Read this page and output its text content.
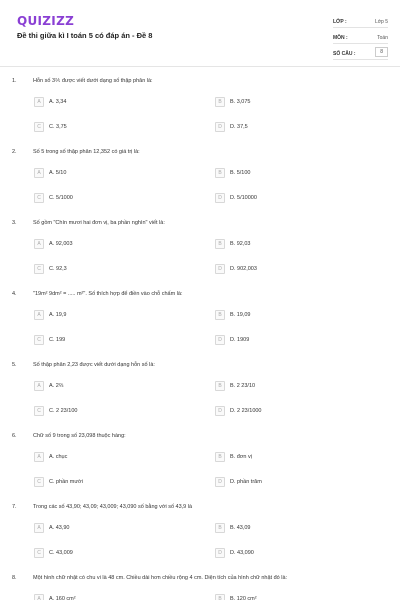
QUIZIZZ
Đề thi giữa kì I toán 5 có đáp án - Đề 8
LỚP :	Lớp 5
MÔN :	Toán
SỐ CÂU :	8
1.	Hỗn số 3⅖ được viết dưới dạng số thập phân là:
A	A. 3,34	B	B. 3,075
C	C. 3,75	D	D. 37,5
2.	Số 5 trong số thập phân 12,352 có giá trị là:
A	A. 5/10	B	B. 5/100
C	C. 5/1000	D	D. 5/10000
3.	Số gồm "Chín mươi hai đơn vị, ba phần nghìn" viết là:
A	A. 92,003	B	B. 92,03
C	C. 92,3	D	D. 902,003
4.	"19m² 9dm² = ..... m²". Số thích hợp để điền vào chỗ chấm là:
A	A. 19,9	B	B. 19,09
C	C. 199	D	D. 1909
5.	Số thập phân 2,23 được viết dưới dạng hỗn số là:
A	A. 2⅔	B	B. 2 23/10
C	C. 2 23/100	D	D. 2 23/1000
6.	Chữ số 9 trong số 23,098 thuộc hàng:
A	A. chục	B	B. đơn vị
C	C. phần mười	D	D. phần trăm
7.	Trong các số 43,90; 43,09; 43,009; 43,090 số bằng với số 43,9 là
A	A. 43,90	B	B. 43,09
C	C. 43,009	D	D. 43,090
8.	Một hình chữ nhật có chu vi là 48 cm. Chiều dài hơn chiều rộng 4 cm. Diện tích của hình chữ nhật đó là:
A	A. 160 cm²	B	B. 120 cm²
